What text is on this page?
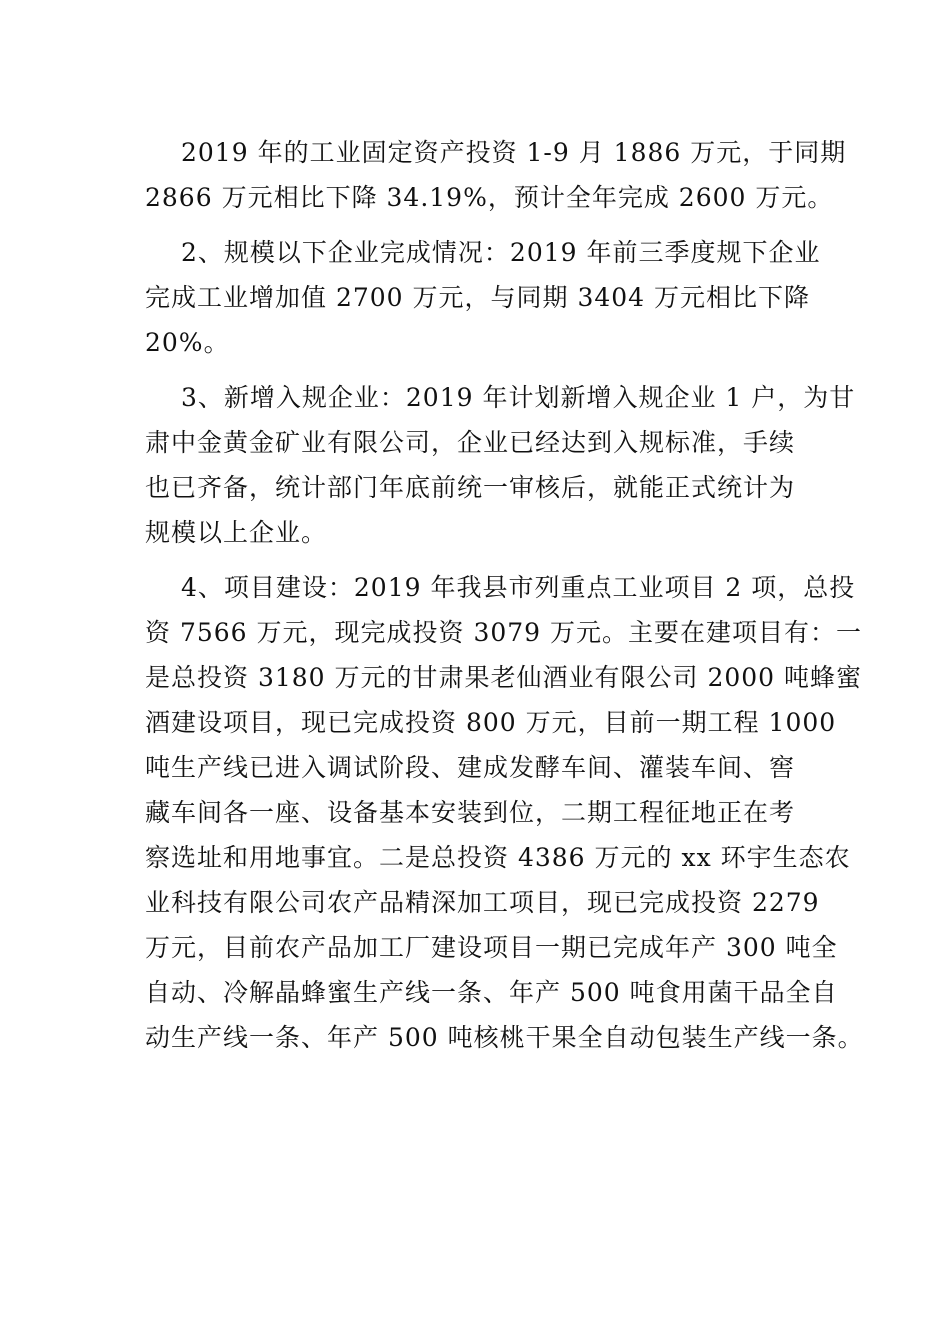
2019 年的工业固定资产投资 1-9 月 1886 万元，于同期
2866 万元相比下降 34.19%，预计全年完成 2600 万元。
2、规模以下企业完成情况：2019 年前三季度规下企业
完成工业增加值 2700 万元，与同期 3404 万元相比下降
20%。
3、新增入规企业：2019 年计划新增入规企业 1 户，为甘
肃中金黄金矿业有限公司，企业已经达到入规标准，手续
也已齐备，统计部门年底前统一审核后，就能正式统计为
规模以上企业。
4、项目建设：2019 年我县市列重点工业项目 2 项，总投
资 7566 万元，现完成投资 3079 万元。主要在建项目有：一
是总投资 3180 万元的甘肃果老仙酒业有限公司 2000 吨蜂蜜
酒建设项目，现已完成投资 800 万元，目前一期工程 1000
吨生产线已进入调试阶段、建成发酵车间、灌装车间、窖
藏车间各一座、设备基本安装到位，二期工程征地正在考
察选址和用地事宜。二是总投资 4386 万元的 xx 环宇生态农
业科技有限公司农产品精深加工项目，现已完成投资 2279
万元，目前农产品加工厂建设项目一期已完成年产 300 吨全
自动、冷解晶蜂蜜生产线一条、年产 500 吨食用菌干品全自
动生产线一条、年产 500 吨核桃干果全自动包装生产线一条。
